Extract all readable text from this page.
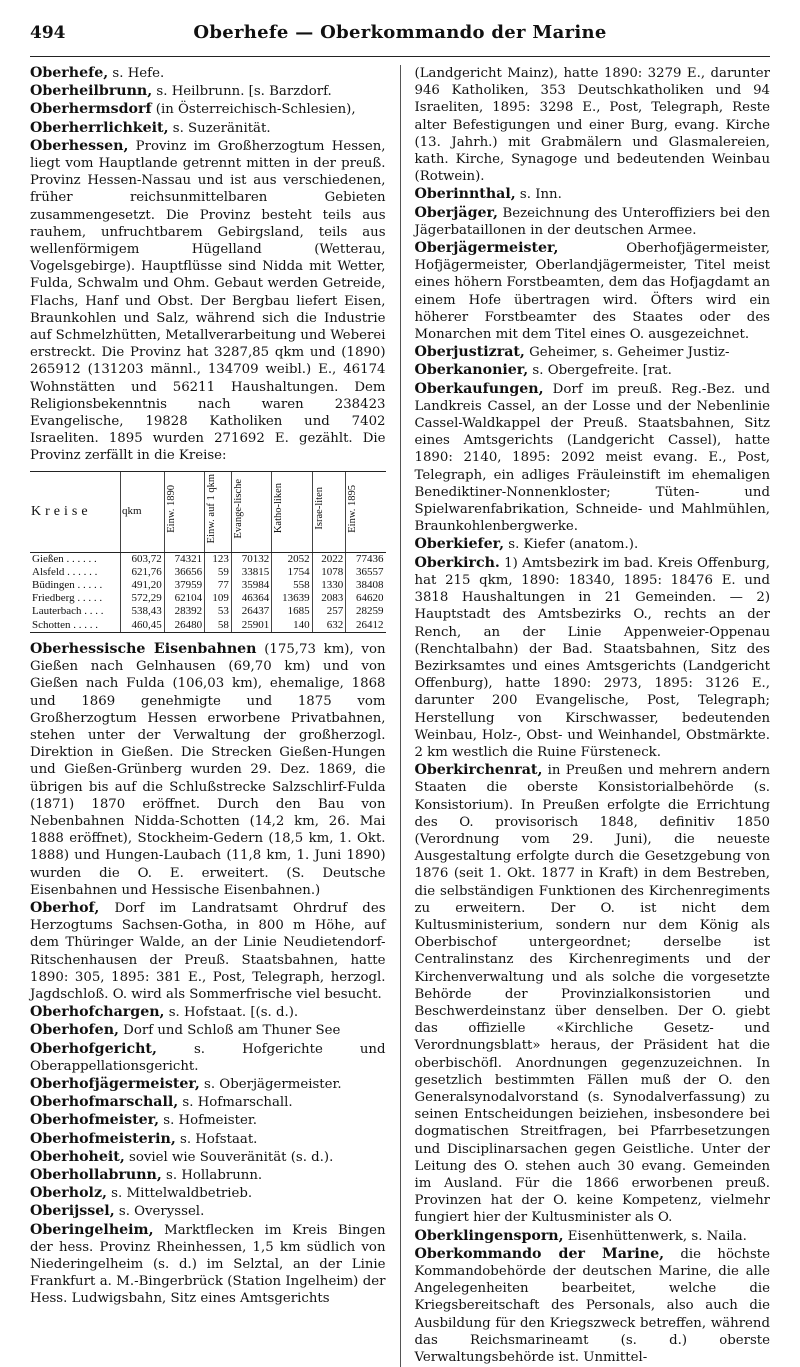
494	Oberhefe — Oberkommando der Marine

Oberhefe, s. Hefe.

Oberheilbrunn, s. Heilbrunn. [s. Barzdorf.

Oberhermsdorf (in Österreichisch-Schlesien),

Oberherrlichkeit, s. Suzeränität.

Oberhessen, Provinz im Großherzogtum Hessen, liegt vom Hauptlande getrennt mitten in der preuß. Provinz Hessen-Nassau und ist aus verschiedenen, früher reichsunmittelbaren Gebieten zusammengesetzt. Die Provinz besteht teils aus rauhem, unfruchtbarem Gebirgsland, teils aus wellenförmigem Hügelland (Wetterau, Vogelsgebirge). Hauptflüsse sind Nidda mit Wetter, Fulda, Schwalm und Ohm. Gebaut werden Getreide, Flachs, Hanf und Obst. Der Bergbau liefert Eisen, Braunkohlen und Salz, während sich die Industrie auf Schmelzhütten, Metallverarbeitung und Weberei erstreckt. Die Provinz hat 3287,85 qkm und (1890) 265912 (131203 männl., 134709 weibl.) E., 46174 Wohnstätten und 56211 Haushaltungen. Dem Religionsbekenntnis nach waren 238423 Evangelische, 19828 Katholiken und 7402 Israeliten. 1895 wurden 271692 E. gezählt. Die Provinz zerfällt in die Kreise:

Kreise	qkm	Einw. 1890	Einw. auf 1 qkm	Evange-lische	Katho-liken	Israe-liten	Einw. 1895
Gießen . . . . . .	603,72	74321	123	70132	2052	2022	77436
Alsfeld . . . . . .	621,76	36656	59	33815	1754	1078	36557
Büdingen . . . . .	491,20	37959	77	35984	558	1330	38408
Friedberg . . . . .	572,29	62104	109	46364	13639	2083	64620
Lauterbach . . . .	538,43	28392	53	26437	1685	257	28259
Schotten . . . . .	460,45	26480	58	25901	140	632	26412

Oberhessische Eisenbahnen (175,73 km), von Gießen nach Gelnhausen (69,70 km) und von Gießen nach Fulda (106,03 km), ehemalige, 1868 und 1869 genehmigte und 1875 vom Großherzogtum Hessen erworbene Privatbahnen, stehen unter der Verwaltung der großherzogl. Direktion in Gießen. Die Strecken Gießen-Hungen und Gießen-Grünberg wurden 29. Dez. 1869, die übrigen bis auf die Schlußstrecke Salzschlirf-Fulda (1871) 1870 eröffnet. Durch den Bau von Nebenbahnen Nidda-Schotten (14,2 km, 26. Mai 1888 eröffnet), Stockheim-Gedern (18,5 km, 1. Okt. 1888) und Hungen-Laubach (11,8 km, 1. Juni 1890) wurden die O. E. erweitert. (S. Deutsche Eisenbahnen und Hessische Eisenbahnen.)

Oberhof, Dorf im Landratsamt Ohrdruf des Herzogtums Sachsen-Gotha, in 800 m Höhe, auf dem Thüringer Walde, an der Linie Neudietendorf-Ritschenhausen der Preuß. Staatsbahnen, hatte 1890: 305, 1895: 381 E., Post, Telegraph, herzogl. Jagdschloß. O. wird als Sommerfrische viel besucht.

Oberhofchargen, s. Hofstaat. [(s. d.).

Oberhofen, Dorf und Schloß am Thuner See

Oberhofgericht, s. Hofgerichte und Oberappellationsgericht.

Oberhofjägermeister, s. Oberjägermeister.

Oberhofmarschall, s. Hofmarschall.

Oberhofmeister, s. Hofmeister.

Oberhofmeisterin, s. Hofstaat.

Oberhoheit, soviel wie Souveränität (s. d.).

Oberhollabrunn, s. Hollabrunn.

Oberholz, s. Mittelwaldbetrieb.

Oberijssel, s. Overyssel.

Oberingelheim, Marktflecken im Kreis Bingen der hess. Provinz Rheinhessen, 1,5 km südlich von Niederingelheim (s. d.) im Selztal, an der Linie Frankfurt a. M.-Bingerbrück (Station Ingelheim) der Hess. Ludwigsbahn, Sitz eines Amtsgerichts

(Landgericht Mainz), hatte 1890: 3279 E., darunter 946 Katholiken, 353 Deutschkatholiken und 94 Israeliten, 1895: 3298 E., Post, Telegraph, Reste alter Befestigungen und einer Burg, evang. Kirche (13. Jahrh.) mit Grabmälern und Glasmalereien, kath. Kirche, Synagoge und bedeutenden Weinbau (Rotwein).

Oberinnthal, s. Inn.

Oberjäger, Bezeichnung des Unteroffiziers bei den Jägerbataillonen in der deutschen Armee.

Oberjägermeister, Oberhofjägermeister, Hofjägermeister, Oberlandjägermeister, Titel meist eines höhern Forstbeamten, dem das Hofjagdamt an einem Hofe übertragen wird. Öfters wird ein höherer Forstbeamter des Staates oder des Monarchen mit dem Titel eines O. ausgezeichnet.

Oberjustizrat, Geheimer, s. Geheimer Justiz-

Oberkanonier, s. Obergefreite. [rat.

Oberkaufungen, Dorf im preuß. Reg.-Bez. und Landkreis Cassel, an der Losse und der Nebenlinie Cassel-Waldkappel der Preuß. Staatsbahnen, Sitz eines Amtsgerichts (Landgericht Cassel), hatte 1890: 2140, 1895: 2092 meist evang. E., Post, Telegraph, ein adliges Fräuleinstift im ehemaligen Benediktiner-Nonnenkloster; Tüten- und Spielwarenfabrikation, Schneide- und Mahlmühlen, Braunkohlenbergwerke.

Oberkiefer, s. Kiefer (anatom.).

Oberkirch. 1) Amtsbezirk im bad. Kreis Offenburg, hat 215 qkm, 1890: 18340, 1895: 18476 E. und 3818 Haushaltungen in 21 Gemeinden. — 2) Hauptstadt des Amtsbezirks O., rechts an der Rench, an der Linie Appenweier-Oppenau (Renchtalbahn) der Bad. Staatsbahnen, Sitz des Bezirksamtes und eines Amtsgerichts (Landgericht Offenburg), hatte 1890: 2973, 1895: 3126 E., darunter 200 Evangelische, Post, Telegraph; Herstellung von Kirschwasser, bedeutenden Weinbau, Holz-, Obst- und Weinhandel, Obstmärkte. 2 km westlich die Ruine Fürsteneck.

Oberkirchenrat, in Preußen und mehrern andern Staaten die oberste Konsistorialbehörde (s. Konsistorium). In Preußen erfolgte die Errichtung des O. provisorisch 1848, definitiv 1850 (Verordnung vom 29. Juni), die neueste Ausgestaltung erfolgte durch die Gesetzgebung von 1876 (seit 1. Okt. 1877 in Kraft) in dem Bestreben, die selbständigen Funktionen des Kirchenregiments zu erweitern. Der O. ist nicht dem Kultusministerium, sondern nur dem König als Oberbischof untergeordnet; derselbe ist Centralinstanz des Kirchenregiments und der Kirchenverwaltung und als solche die vorgesetzte Behörde der Provinzialkonsistorien und Beschwerdeinstanz über denselben. Der O. giebt das offizielle «Kirchliche Gesetz- und Verordnungsblatt» heraus, der Präsident hat die oberbischöfl. Anordnungen gegenzuzeichnen. In gesetzlich bestimmten Fällen muß der O. den Generalsynodalvorstand (s. Synodalverfassung) zu seinen Entscheidungen beiziehen, insbesondere bei dogmatischen Streitfragen, bei Pfarrbesetzungen und Disciplinarsachen gegen Geistliche. Unter der Leitung des O. stehen auch 30 evang. Gemeinden im Ausland. Für die 1866 erworbenen preuß. Provinzen hat der O. keine Kompetenz, vielmehr fungiert hier der Kultusminister als O.

Oberklingensporn, Eisenhüttenwerk, s. Naila.

Oberkommando der Marine, die höchste Kommandobehörde der deutschen Marine, die alle Angelegenheiten bearbeitet, welche die Kriegsbereitschaft des Personals, also auch die Ausbildung für den Kriegszweck betreffen, während das Reichsmarineamt (s. d.) oberste Verwaltungsbehörde ist. Unmittel-
